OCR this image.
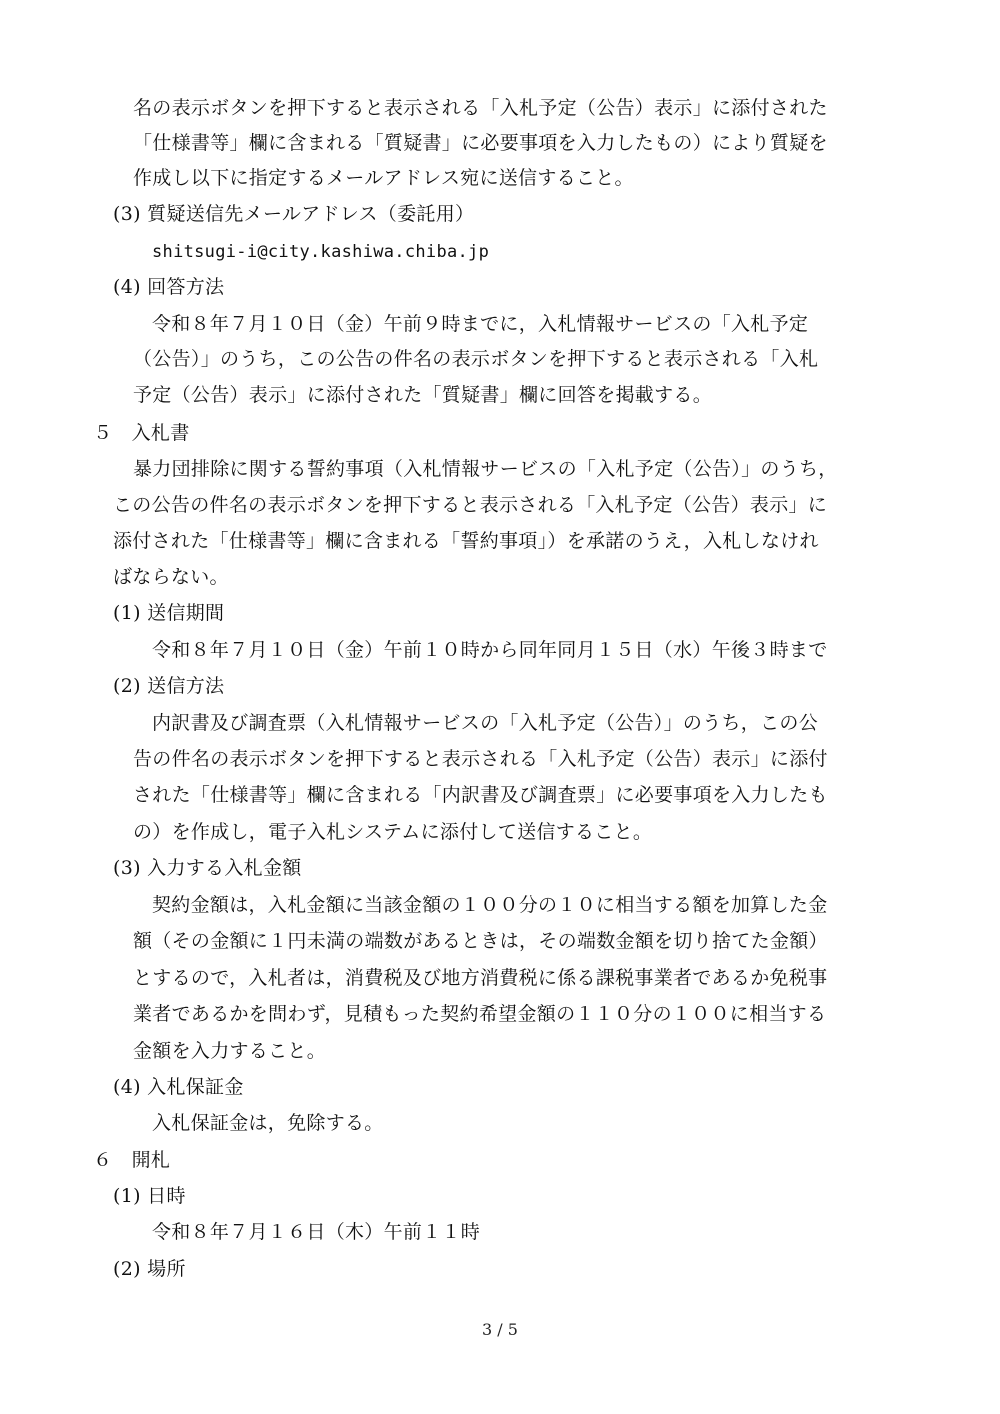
名の表示ボタンを押下すると表示される「入札予定（公告）表示」に添付された
「仕様書等」欄に含まれる「質疑書」に必要事項を入力したもの）により質疑を
作成し以下に指定するメールアドレス宛に送信すること。
(3) 質疑送信先メールアドレス（委託用）
shitsugi-i@city.kashiwa.chiba.jp
(4) 回答方法
令和８年７月１０日（金）午前９時までに，入札情報サービスの「入札予定
（公告）」のうち，この公告の件名の表示ボタンを押下すると表示される「入札
予定（公告）表示」に添付された「質疑書」欄に回答を掲載する。
５　入札書
暴力団排除に関する誓約事項（入札情報サービスの「入札予定（公告）」のうち，
この公告の件名の表示ボタンを押下すると表示される「入札予定（公告）表示」に
添付された「仕様書等」欄に含まれる「誓約事項」）を承諾のうえ，入札しなけれ
ばならない。
(1) 送信期間
令和８年７月１０日（金）午前１０時から同年同月１５日（水）午後３時まで
(2) 送信方法
内訳書及び調査票（入札情報サービスの「入札予定（公告）」のうち，この公
告の件名の表示ボタンを押下すると表示される「入札予定（公告）表示」に添付
された「仕様書等」欄に含まれる「内訳書及び調査票」に必要事項を入力したも
の）を作成し，電子入札システムに添付して送信すること。
(3) 入力する入札金額
契約金額は，入札金額に当該金額の１００分の１０に相当する額を加算した金
額（その金額に１円未満の端数があるときは，その端数金額を切り捨てた金額）
とするので，入札者は，消費税及び地方消費税に係る課税事業者であるか免税事
業者であるかを問わず，見積もった契約希望金額の１１０分の１００に相当する
金額を入力すること。
(4) 入札保証金
入札保証金は，免除する。
６　開札
(1) 日時
令和８年７月１６日（木）午前１１時
(2) 場所
3 / 5
